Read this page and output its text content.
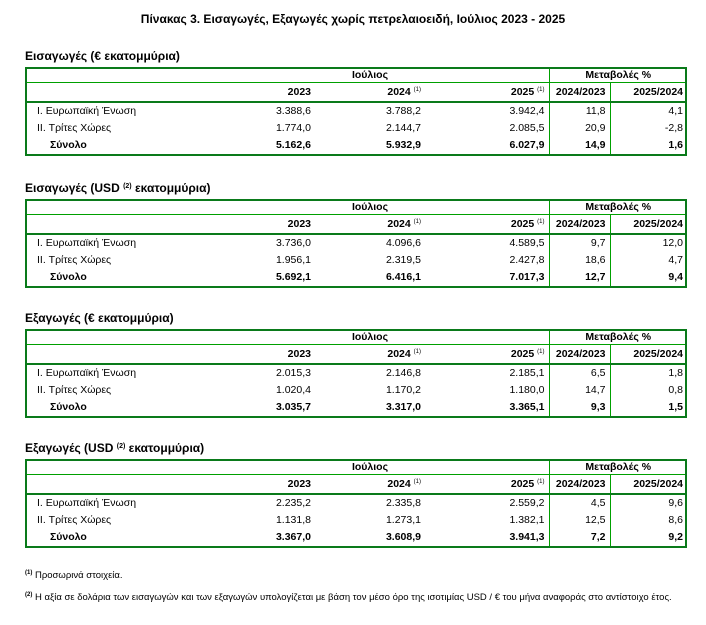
Πίνακας 3. Εισαγωγές, Εξαγωγές χωρίς πετρελαιοειδή, Ιούλιος 2023 - 2025
Εισαγωγές (€ εκατομμύρια)
		Ιούλιος		Μεταβολές %	
	2023	2024 $^{(1)}$	2025 $^{(1)}$	2024/2023	2025/2024
I. Ευρωπαϊκή Ένωση	3.388,6	3.788,2	3.942,4	11,8	4,1
II. Τρίτες Χώρες	1.774,0	2.144,7	2.085,5	20,9	-2,8
Σύνολο	5.162,6	5.932,9	6.027,9	14,9	1,6
Εισαγωγές (USD $^{(2)}$ εκατομμύρια)
		Ιούλιος		Μεταβολές %	
	2023	2024 $^{(1)}$	2025 $^{(1)}$	2024/2023	2025/2024
I. Ευρωπαϊκή Ένωση	3.736,0	4.096,6	4.589,5	9,7	12,0
II. Τρίτες Χώρες	1.956,1	2.319,5	2.427,8	18,6	4,7
Σύνολο	5.692,1	6.416,1	7.017,3	12,7	9,4
Εξαγωγές (€ εκατομμύρια)
		Ιούλιος		Μεταβολές %	
	2023	2024 $^{(1)}$	2025 $^{(1)}$	2024/2023	2025/2024
I. Ευρωπαϊκή Ένωση	2.015,3	2.146,8	2.185,1	6,5	1,8
II. Τρίτες Χώρες	1.020,4	1.170,2	1.180,0	14,7	0,8
Σύνολο	3.035,7	3.317,0	3.365,1	9,3	1,5
Εξαγωγές (USD $^{(2)}$ εκατομμύρια)
		Ιούλιος		Μεταβολές %	
	2023	2024 $^{(1)}$	2025 $^{(1)}$	2024/2023	2025/2024
I. Ευρωπαϊκή Ένωση	2.235,2	2.335,8	2.559,2	4,5	9,6
II. Τρίτες Χώρες	1.131,8	1.273,1	1.382,1	12,5	8,6
Σύνολο	3.367,0	3.608,9	3.941,3	7,2	9,2
$^{(1)}$ Προσωρινά στοιχεία.
$^{(2)}$ Η αξία σε δολάρια των εισαγωγών και των εξαγωγών υπολογίζεται με βάση τον μέσο όρο της ισοτιμίας USD / € του μήνα αναφοράς στο αντίστοιχο έτος.
